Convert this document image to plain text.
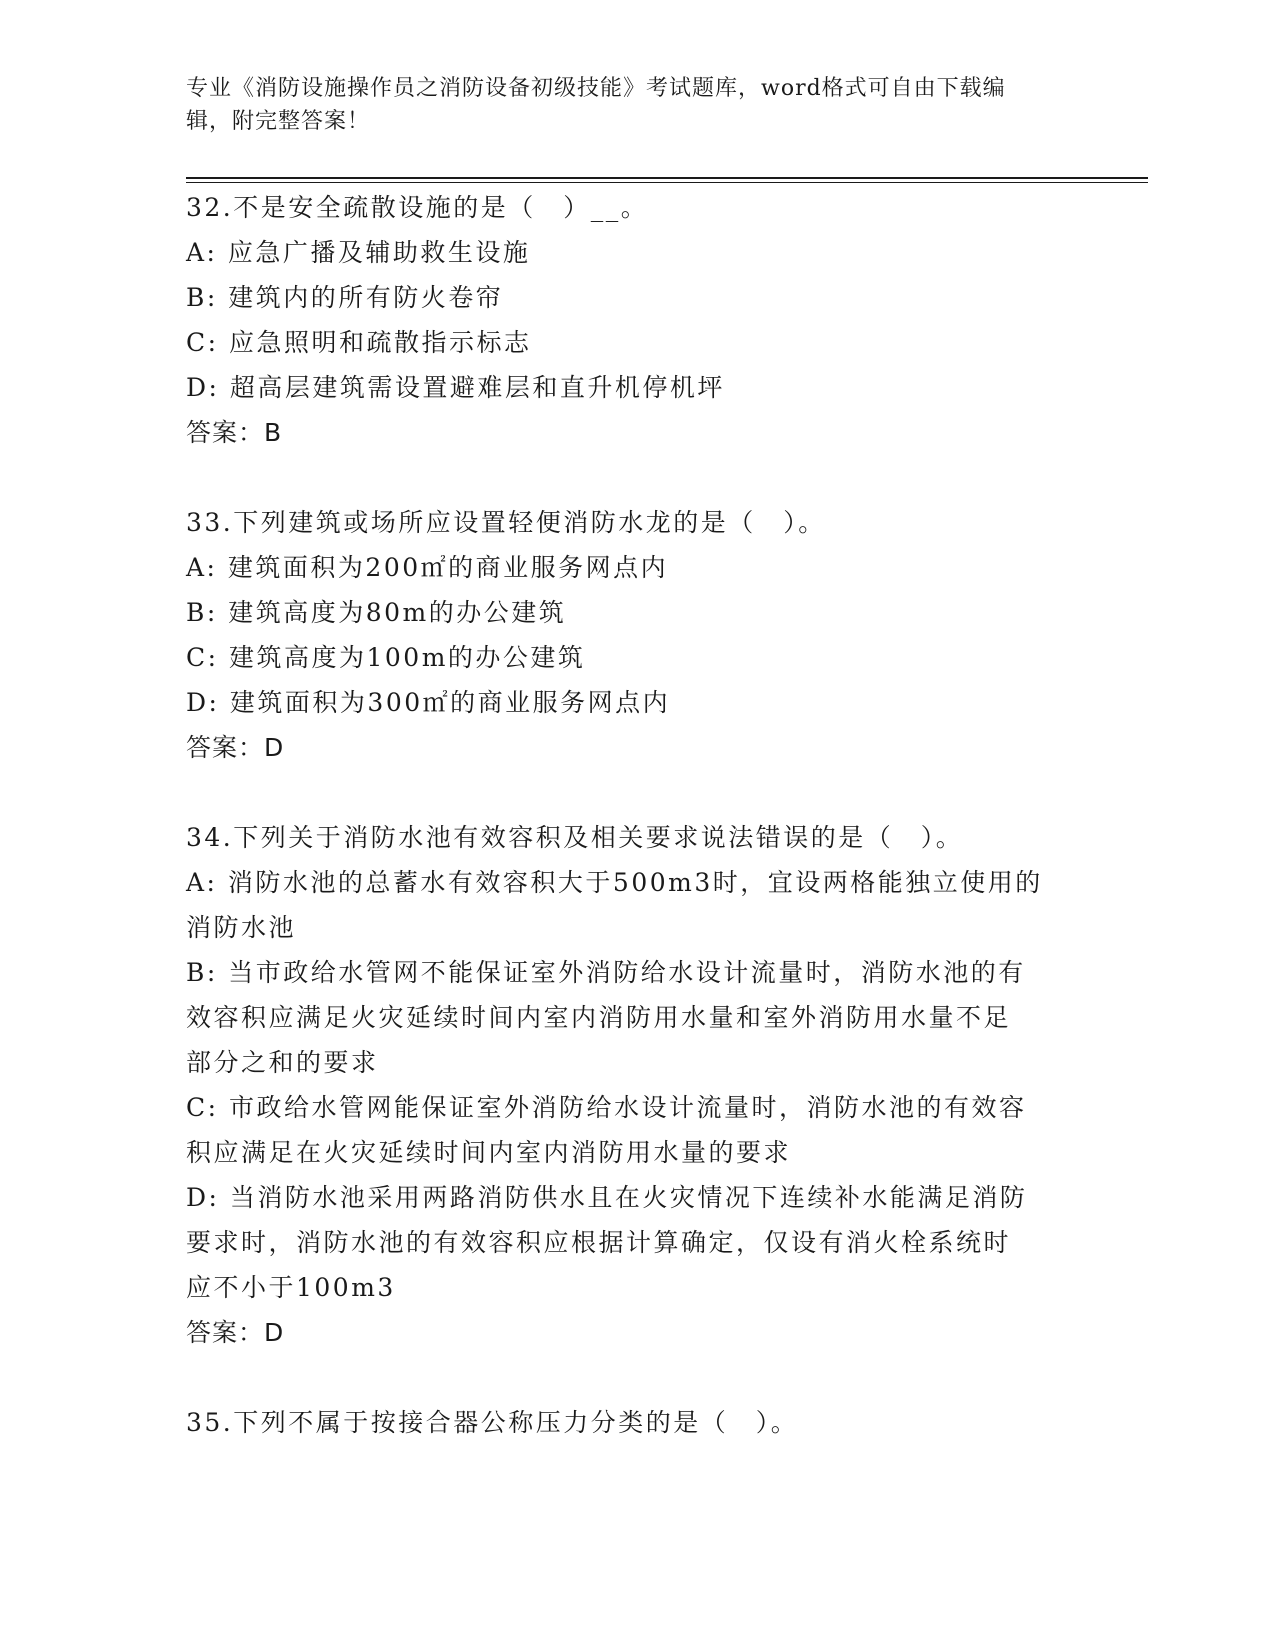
专业《消防设施操作员之消防设备初级技能》考试题库，word格式可自由下载编
辑，附完整答案！
32.不是安全疏散设施的是（　）__。
A: 应急广播及辅助救生设施
B: 建筑内的所有防火卷帘
C: 应急照明和疏散指示标志
D: 超高层建筑需设置避难层和直升机停机坪
答案：B
33.下列建筑或场所应设置轻便消防水龙的是（　）。
A: 建筑面积为200㎡的商业服务网点内
B: 建筑高度为80m的办公建筑
C: 建筑高度为100m的办公建筑
D: 建筑面积为300㎡的商业服务网点内
答案：D
34.下列关于消防水池有效容积及相关要求说法错误的是（　）。
A: 消防水池的总蓄水有效容积大于500m3时，宜设两格能独立使用的
消防水池
B: 当市政给水管网不能保证室外消防给水设计流量时，消防水池的有
效容积应满足火灾延续时间内室内消防用水量和室外消防用水量不足
部分之和的要求
C: 市政给水管网能保证室外消防给水设计流量时，消防水池的有效容
积应满足在火灾延续时间内室内消防用水量的要求
D: 当消防水池采用两路消防供水且在火灾情况下连续补水能满足消防
要求时，消防水池的有效容积应根据计算确定，仅设有消火栓系统时
应不小于100m3
答案：D
35.下列不属于按接合器公称压力分类的是（　）。
